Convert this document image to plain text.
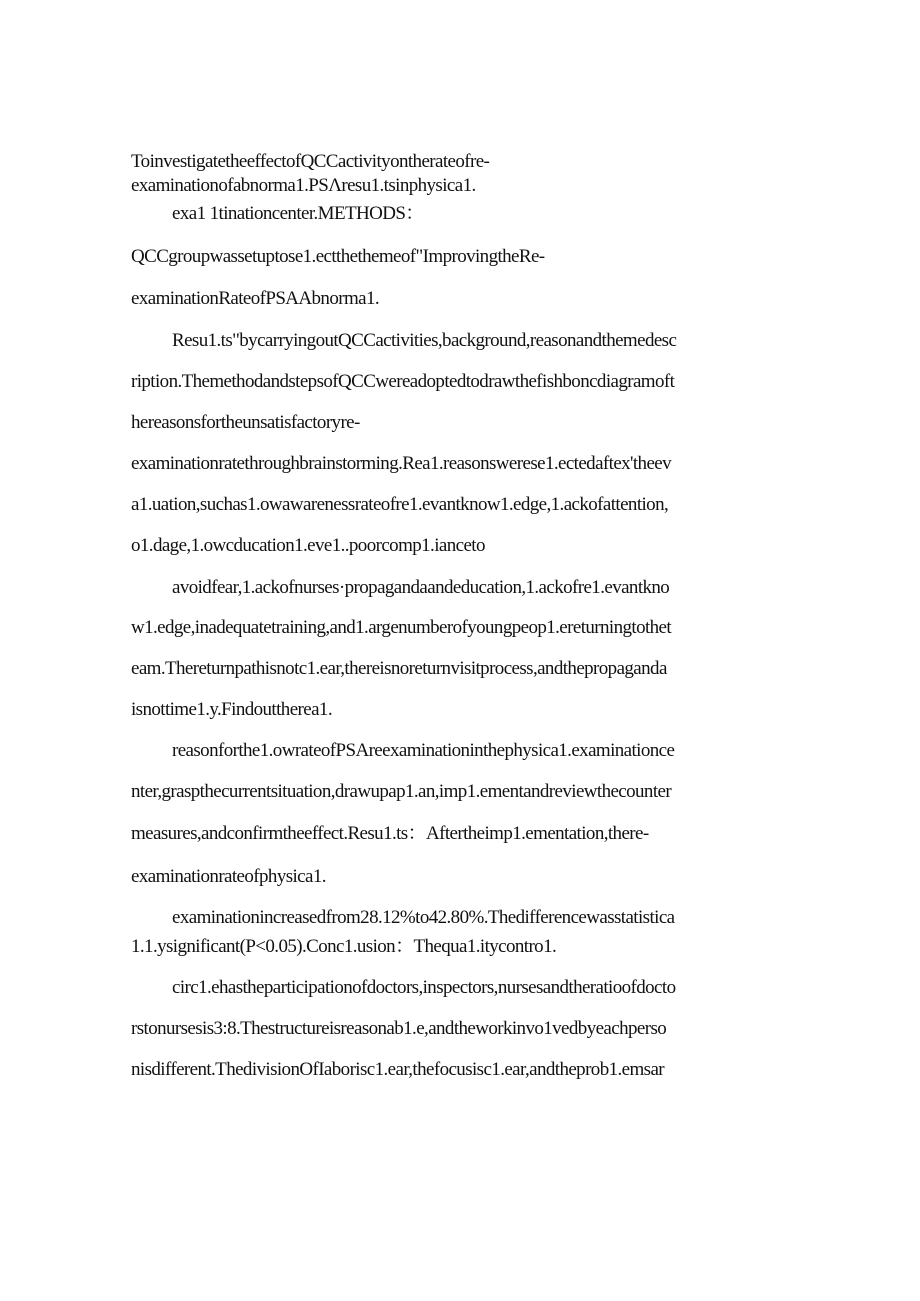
ToinvestigatetheeffectofQCCactivityontherateofre-
examinationofabnorma1.PSΛresu1.tsinphysica1.
exa1 1tinationcenter.METHODS：
QCCgroupwassetuptose1.ectthethemeof"ImprovingtheRe-
examinationRateofPSAAbnorma1.
Resu1.ts"bycarryingoutQCCactivities,background,reasonandthemedesc
ription.ThemethodandstepsofQCCwereadoptedtodrawthefishboncdiagramoft
hereasonsfortheunsatisfactoryre-
examinationratethroughbrainstorming.Rea1.reasonswerese1.ectedaftex'theev
a1.uation,suchas1.owawarenessrateofre1.evantknow1.edge,1.ackofattention,
o1.dage,1.owcducation1.eve1..poorcomp1.ianceto
avoidfear,1.ackofnurses·propagandaandeducation,1.ackofre1.evantkno
w1.edge,inadequatetraining,and1.argenumberofyoungpeop1.ereturningtothet
eam.Thereturnpathisnotc1.ear,thereisnoreturnvisitprocess,andthepropaganda
isnottime1.y.Findouttherea1.
reasonforthe1.owrateofPSAreexaminationinthephysica1.examinationce
nter,graspthecurrentsituation,drawupap1.an,imp1.ementandreviewthecounter
measures,andconfirmtheeffect.Resu1.ts：Aftertheimp1.ementation,there-
examinationrateofphysica1.
examinationincreasedfrom28.12%to42.80%.Thedifferencewasstatistica
1.1.ysignificant(P<0.05).Conc1.usion：Thequa1.itycontro1.
circ1.ehastheparticipationofdoctors,inspectors,nursesandtheratioofdocto
rstonursesis3:8.Thestructureisreasonab1.e,andtheworkinvo1vedbyeachperso
nisdifferent.ThedivisionOfIaborisc1.ear,thefocusisc1.ear,andtheprob1.emsar
